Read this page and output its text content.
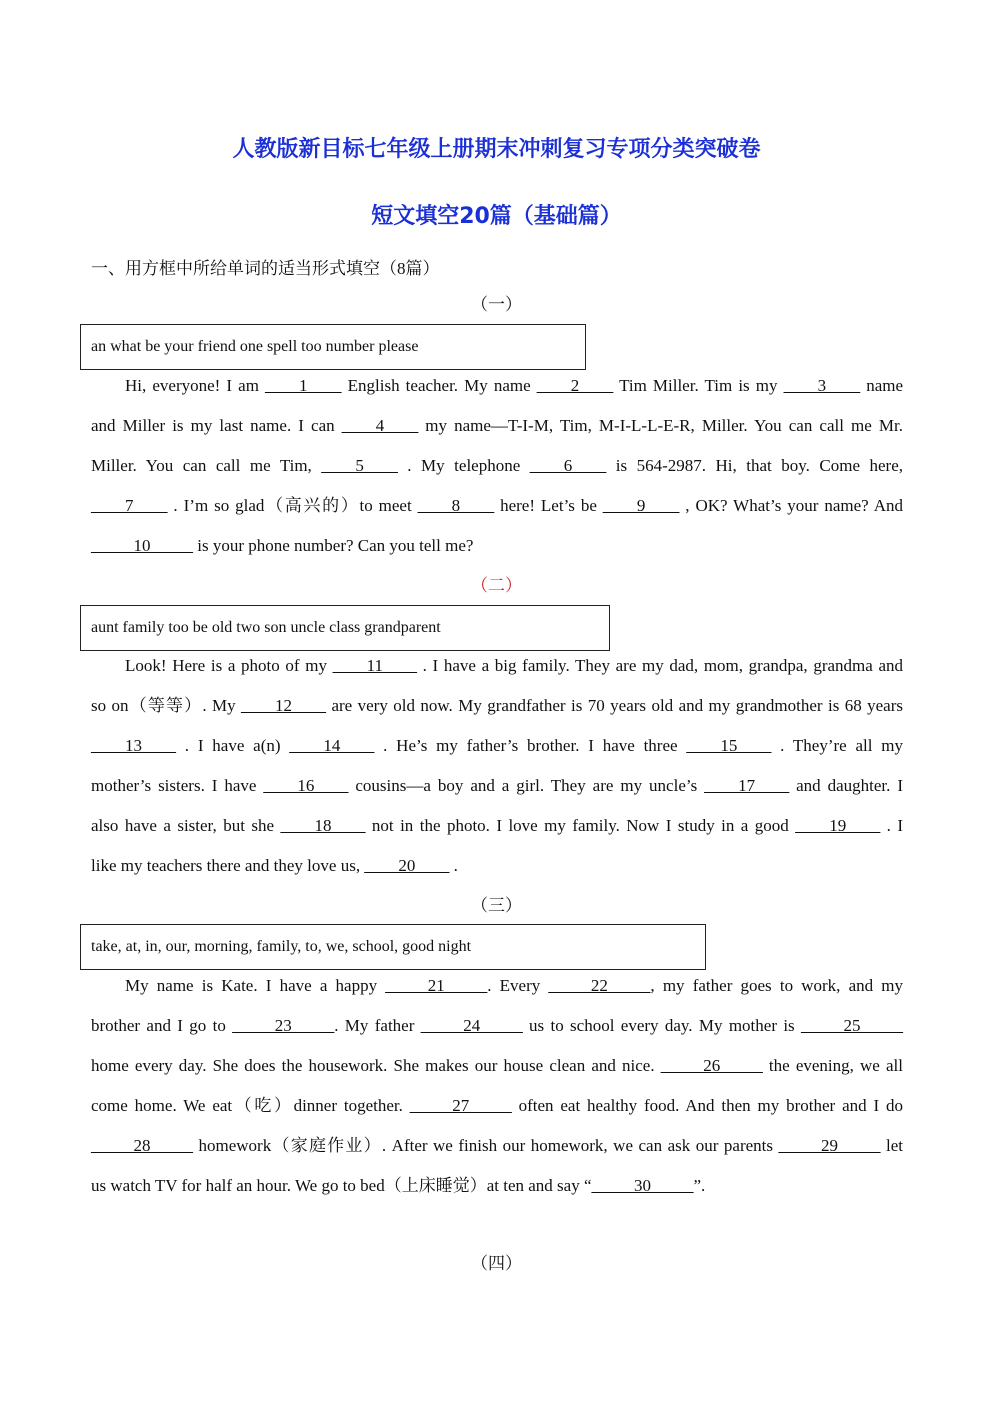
人教版新目标七年级上册期末冲刺复习专项分类突破卷
短文填空20篇（基础篇）
一、用方框中所给单词的适当形式填空（8篇）
（一）
an what be your friend one spell too number please
Hi, everyone! I am ____1____ English teacher. My name ____2____ Tim Miller. Tim is my ____3____ name
and Miller is my last name. I can ____4____ my name—T-I-M, Tim, M-I-L-L-E-R, Miller. You can call me Mr.
Miller. You can call me Tim, ____5____ . My telephone ____6____ is 564-2987. Hi, that boy. Come here,
____7____ . I’m so glad（高兴的）to meet ____8____ here! Let’s be ____9____ , OK? What’s your name? And
_____10_____ is your phone number? Can you tell me?
（二）
aunt family too be old two son uncle class grandparent
Look! Here is a photo of my ____11____ . I have a big family. They are my dad, mom, grandpa, grandma and
so on（等等）. My ____12____ are very old now. My grandfather is 70 years old and my grandmother is 68 years
____13____ . I have a(n) ____14____ . He’s my father’s brother. I have three ____15____ . They’re all my
mother’s sisters. I have ____16____ cousins—a boy and a girl. They are my uncle’s ____17____ and daughter. I
also have a sister, but she ____18____ not in the photo. I love my family. Now I study in a good ____19____ . I
like my teachers there and they love us, ____20____ .
（三）
take, at, in, our, morning, family, to, we, school, good night
My name is Kate. I have a happy _____21_____. Every _____22_____, my father goes to work, and my
brother and I go to _____23_____. My father _____24_____ us to school every day. My mother is _____25_____
home every day. She does the housework. She makes our house clean and nice. _____26_____ the evening, we all
come home. We eat（吃）dinner together. _____27_____ often eat healthy food. And then my brother and I do
_____28_____ homework（家庭作业）. After we finish our homework, we can ask our parents _____29_____ let
us watch TV for half an hour. We go to bed（上床睡觉）at ten and say “_____30_____”.
（四）
